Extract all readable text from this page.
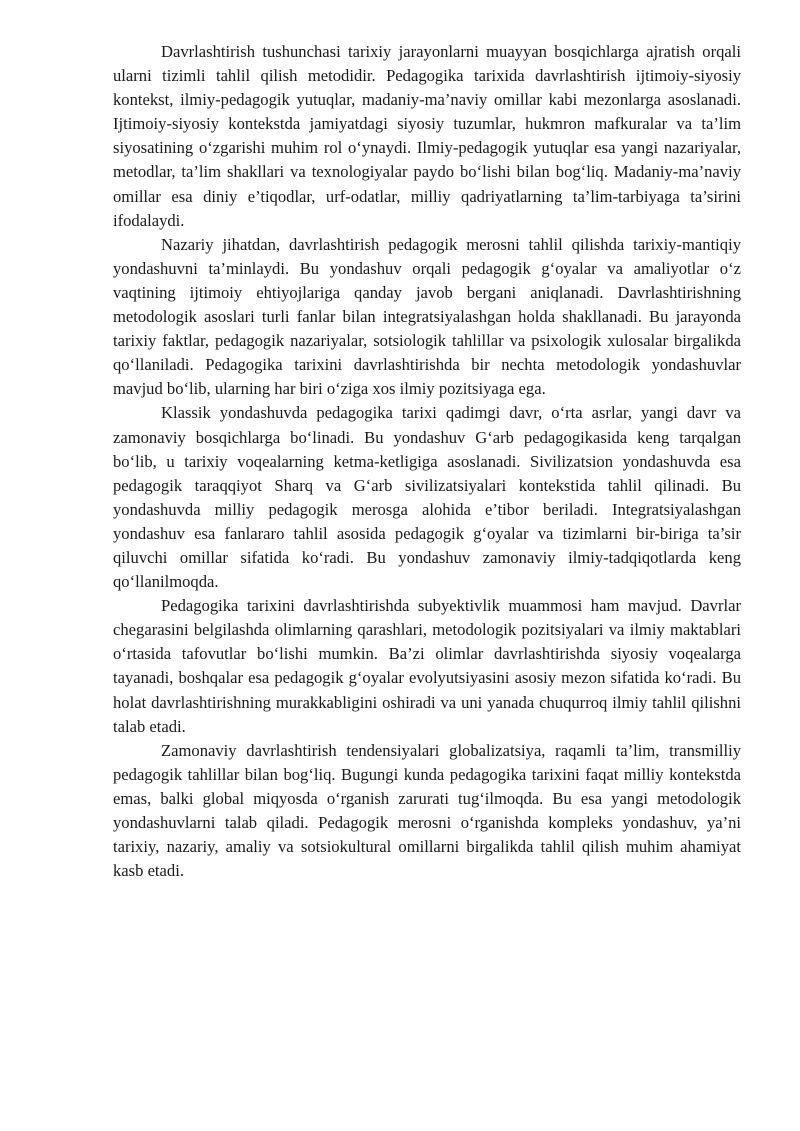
Davrlashtirish tushunchasi tarixiy jarayonlarni muayyan bosqichlarga ajratish orqali ularni tizimli tahlil qilish metodidir. Pedagogika tarixida davrlashtirish ijtimoiy-siyosiy kontekst, ilmiy-pedagogik yutuqlar, madaniy-ma’naviy omillar kabi mezonlarga asoslanadi. Ijtimoiy-siyosiy kontekstda jamiyatdagi siyosiy tuzumlar, hukmron mafkuralar va ta’lim siyosatining o‘zgarishi muhim rol o‘ynaydi. Ilmiy-pedagogik yutuqlar esa yangi nazariyalar, metodlar, ta’lim shakllari va texnologiyalar paydo bo‘lishi bilan bog‘liq. Madaniy-ma’naviy omillar esa diniy e’tiqodlar, urf-odatlar, milliy qadriyatlarning ta’lim-tarbiyaga ta’sirini ifodalaydi.

Nazariy jihatdan, davrlashtirish pedagogik merosni tahlil qilishda tarixiy-mantiqiy yondashuvni ta’minlaydi. Bu yondashuv orqali pedagogik g‘oyalar va amaliyotlar o‘z vaqtining ijtimoiy ehtiyojlariga qanday javob bergani aniqlanadi. Davrlashtirishning metodologik asoslari turli fanlar bilan integratsiyalashgan holda shakllanadi. Bu jarayonda tarixiy faktlar, pedagogik nazariyalar, sotsiologik tahlillar va psixologik xulosalar birgalikda qo‘llaniladi. Pedagogika tarixini davrlashtirishda bir nechta metodologik yondashuvlar mavjud bo‘lib, ularning har biri o‘ziga xos ilmiy pozitsiyaga ega.

Klassik yondashuvda pedagogika tarixi qadimgi davr, o‘rta asrlar, yangi davr va zamonaviy bosqichlarga bo‘linadi. Bu yondashuv G‘arb pedagogikasida keng tarqalgan bo‘lib, u tarixiy voqealarning ketma-ketligiga asoslanadi. Sivilizatsion yondashuvda esa pedagogik taraqqiyot Sharq va G‘arb sivilizatsiyalari kontekstida tahlil qilinadi. Bu yondashuvda milliy pedagogik merosga alohida e’tibor beriladi. Integratsiyalashgan yondashuv esa fanlararo tahlil asosida pedagogik g‘oyalar va tizimlarni bir-biriga ta’sir qiluvchi omillar sifatida ko‘radi. Bu yondashuv zamonaviy ilmiy-tadqiqotlarda keng qo‘llanilmoqda.

Pedagogika tarixini davrlashtirishda subyektivlik muammosi ham mavjud. Davrlar chegarasini belgilashda olimlarning qarashlari, metodologik pozitsiyalari va ilmiy maktablari o‘rtasida tafovutlar bo‘lishi mumkin. Ba’zi olimlar davrlashtirishda siyosiy voqealarga tayanadi, boshqalar esa pedagogik g‘oyalar evolyutsiyasini asosiy mezon sifatida ko‘radi. Bu holat davrlashtirishning murakkabligini oshiradi va uni yanada chuqurroq ilmiy tahlil qilishni talab etadi.

Zamonaviy davrlashtirish tendensiyalari globalizatsiya, raqamli ta’lim, transmilliy pedagogik tahlillar bilan bog‘liq. Bugungi kunda pedagogika tarixini faqat milliy kontekstda emas, balki global miqyosda o‘rganish zarurati tug‘ilmoqda. Bu esa yangi metodologik yondashuvlarni talab qiladi. Pedagogik merosni o‘rganishda kompleks yondashuv, ya’ni tarixiy, nazariy, amaliy va sotsiokultural omillarni birgalikda tahlil qilish muhim ahamiyat kasb etadi.
